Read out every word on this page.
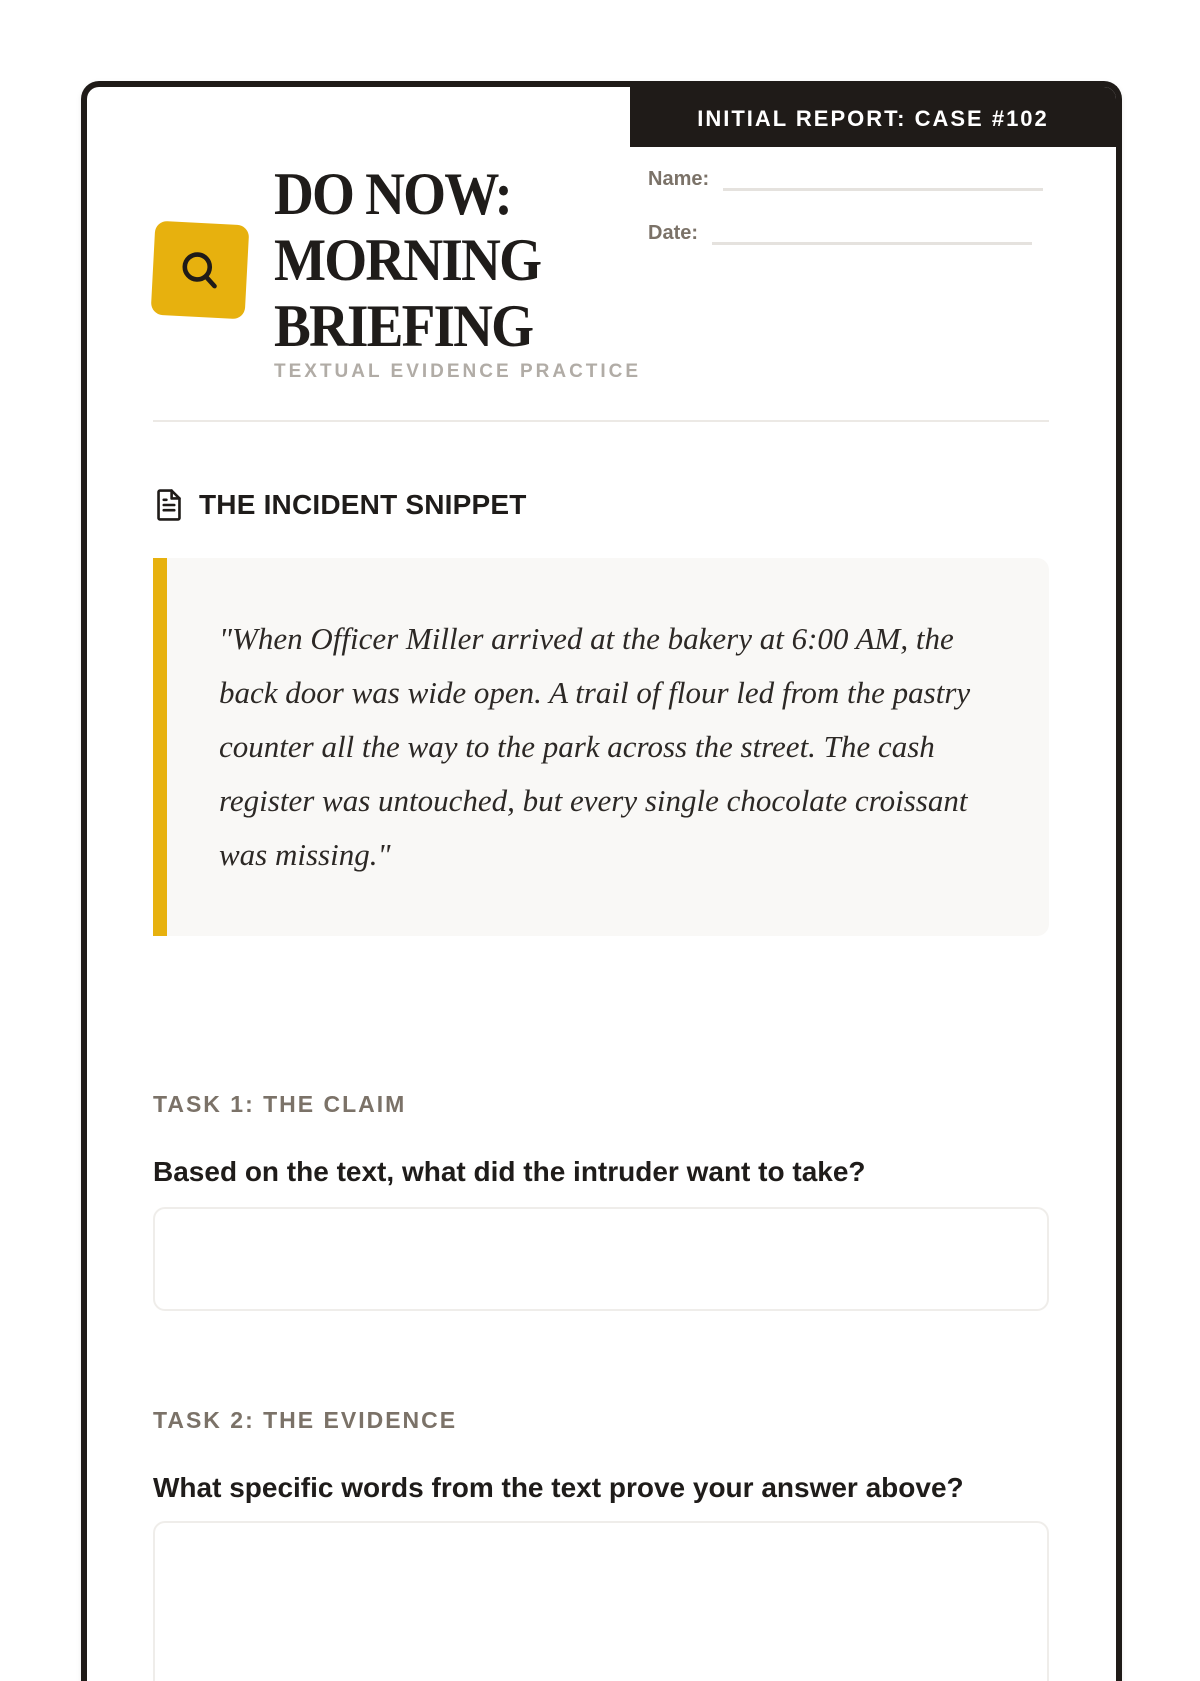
INITIAL REPORT: CASE #102
Name:
Date:
DO NOW:
MORNING
BRIEFING
TEXTUAL EVIDENCE PRACTICE
THE INCIDENT SNIPPET
"When Officer Miller arrived at the bakery at 6:00 AM, the back door was wide open. A trail of flour led from the pastry counter all the way to the park across the street. The cash register was untouched, but every single chocolate croissant was missing."
TASK 1: THE CLAIM
Based on the text, what did the intruder want to take?
TASK 2: THE EVIDENCE
What specific words from the text prove your answer above?
